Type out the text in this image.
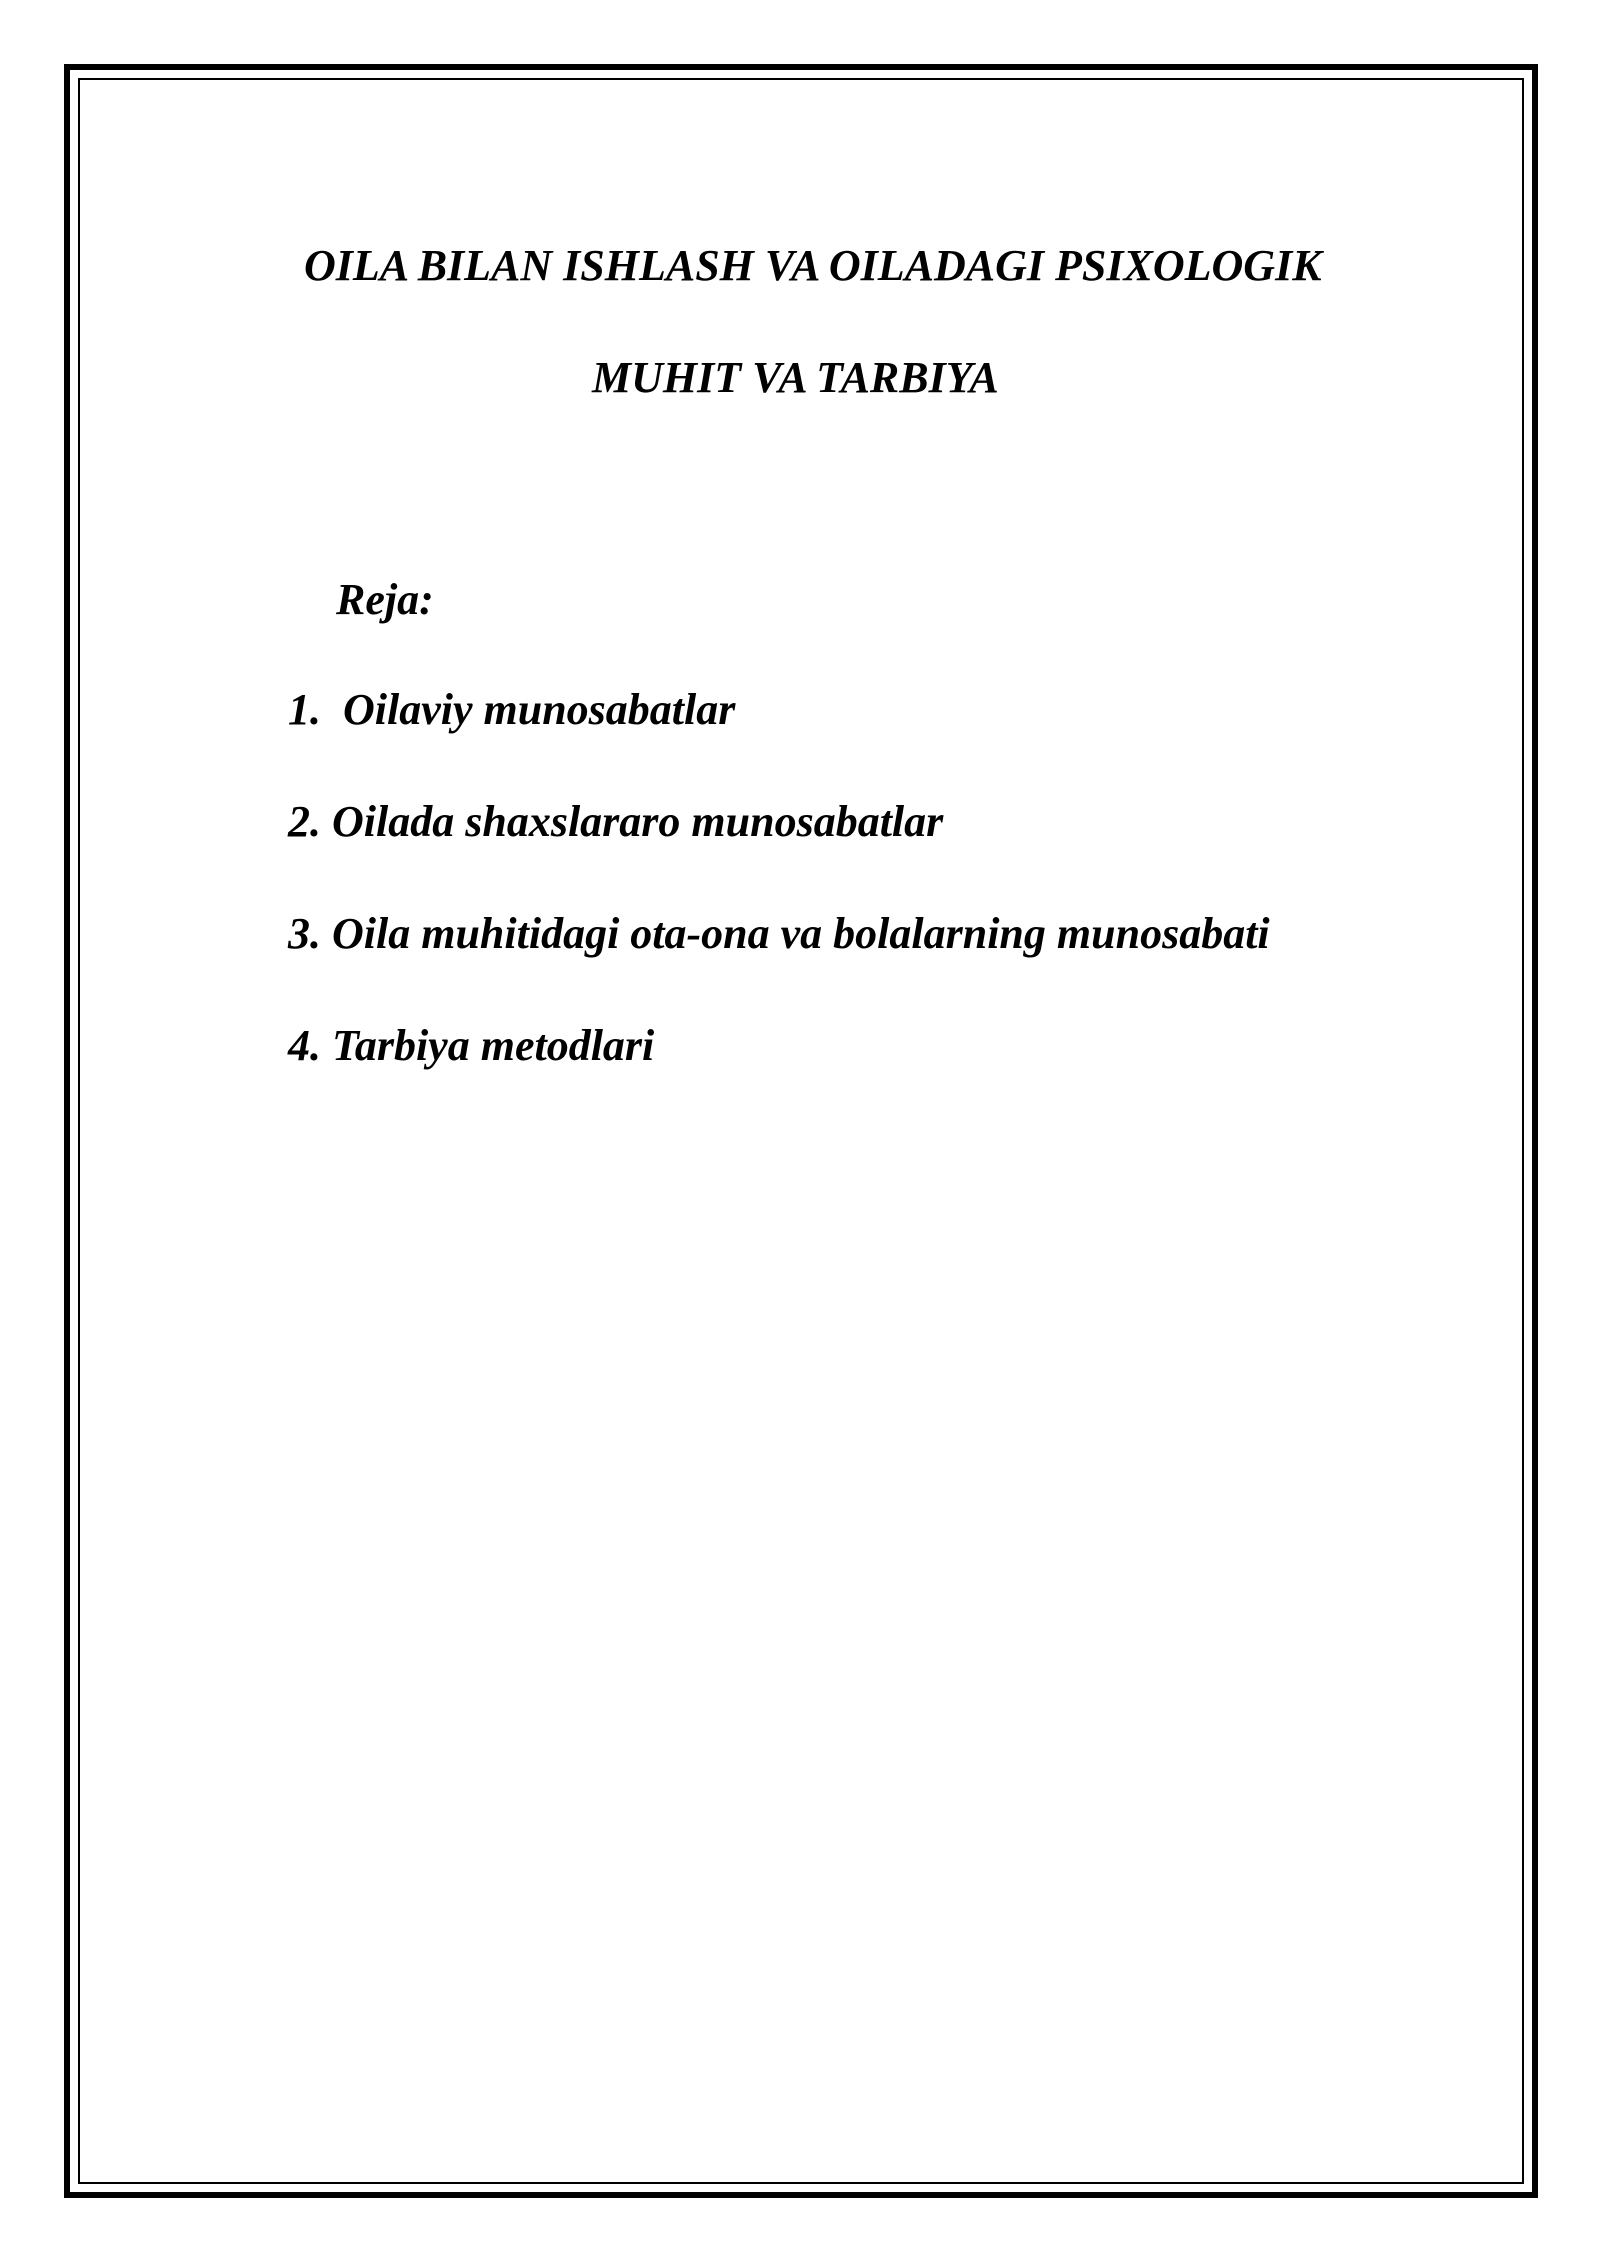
OILA BILAN ISHLASH VA OILADAGI PSIXOLOGIK
MUHIT VA TARBIYA
Reja:
1.  Oilaviy munosabatlar
2. Oilada shaxslararo munosabatlar
3. Oila muhitidagi ota-ona va bolalarning munosabati
4. Tarbiya metodlari
